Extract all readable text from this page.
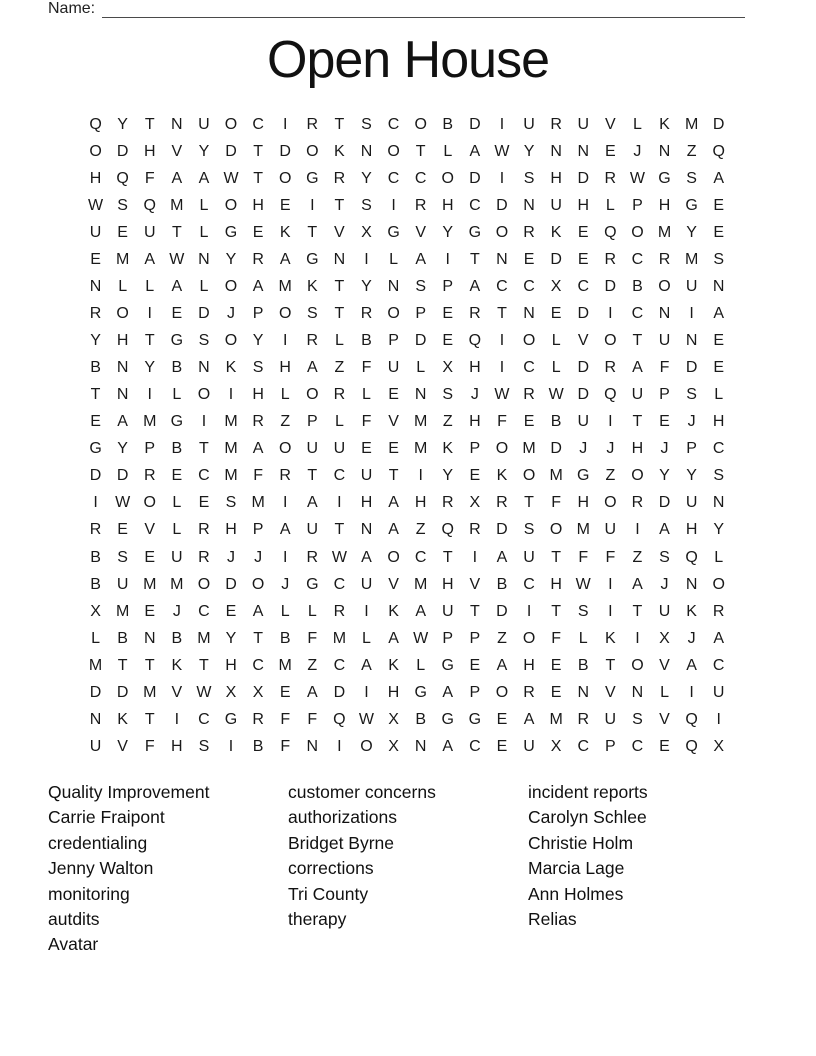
Name:
Open House
Q Y	T	N U O C	I	R	T	S C O B D	I	U R U V	L	K M D
O D H V	Y D	T	D O K N O T	L	A W Y N N E	J	N	Z Q
H Q F	A	A W T O G R Y C C O D	I	S H D R W G S	A
W S Q M L	O H E	I	T	S	I	R H C D N U H	L	P H G E
U E U	T	L	G E	K	T	V	X G V	Y G O R K	E Q O M Y	E
E M A W N Y R A G N	I	L	A	I	T	N E D E R C R M S
N	L	L	A	L	O A M K	T	Y N S	P	A C C X C D B O U N
R O	I	E D	J	P O S	T	R O P	E R	T	N E D	I	C N	I	A
Y H	T G S O Y	I	R	L	B	P D E Q	I	O	L	V O T	U N E
B N Y	B N K	S H A	Z	F	U	L	X H	I	C	L	D R A	F	D E
T	N	I	L	O	I	H	L	O R	L	E N S	J W R W D Q U P	S	L
E	A M G	I	M R	Z	P	L	F	V M Z	H	F	E	B U	I	T	E	J	H
G Y	P	B	T M A O U U E	E M K	P O M D	J	J	H	J	P C
D D R E C M F	R	T	C U	T	I	Y	E	K O M G Z O Y	Y	S
I	W O	L	E	S M	I	A	I	H A H R X R	T	F	H O R D U N
R E	V	L	R H P	A U	T	N A	Z Q R D S O M U	I	A H Y
B	S	E U R	J	J	I	R W A O C	T	I	A U	T	F	F	Z	S Q	L
B U M M O D O	J	G C U V M H V	B C H W	I	A	J	N O
X M E	J	C E	A	L	L	R	I	K	A U	T	D	I	T	S	I	T	U K R
L	B N B M Y	T	B	F M L	A W P	P	Z O F	L	K	I	X	J	A
M T	T	K	T	H C M Z	C A	K	L	G E	A H E	B	T O V	A C
D D M V W X	X	E	A D	I	H G A	P O R E N V N	L	I	U
N K	T	I	C G R	F	F Q W X	B G G E	A M R U S	V Q	I
U V	F	H S	I	B	F	N	I	O X N A C E U X C P C E Q X
Quality Improvement
Carrie Fraipont
credentialing
Jenny Walton
monitoring
autdits
Avatar
customer concerns
authorizations
Bridget Byrne
corrections
Tri County
therapy
incident reports
Carolyn Schlee
Christie Holm
Marcia Lage
Ann Holmes
Relias
